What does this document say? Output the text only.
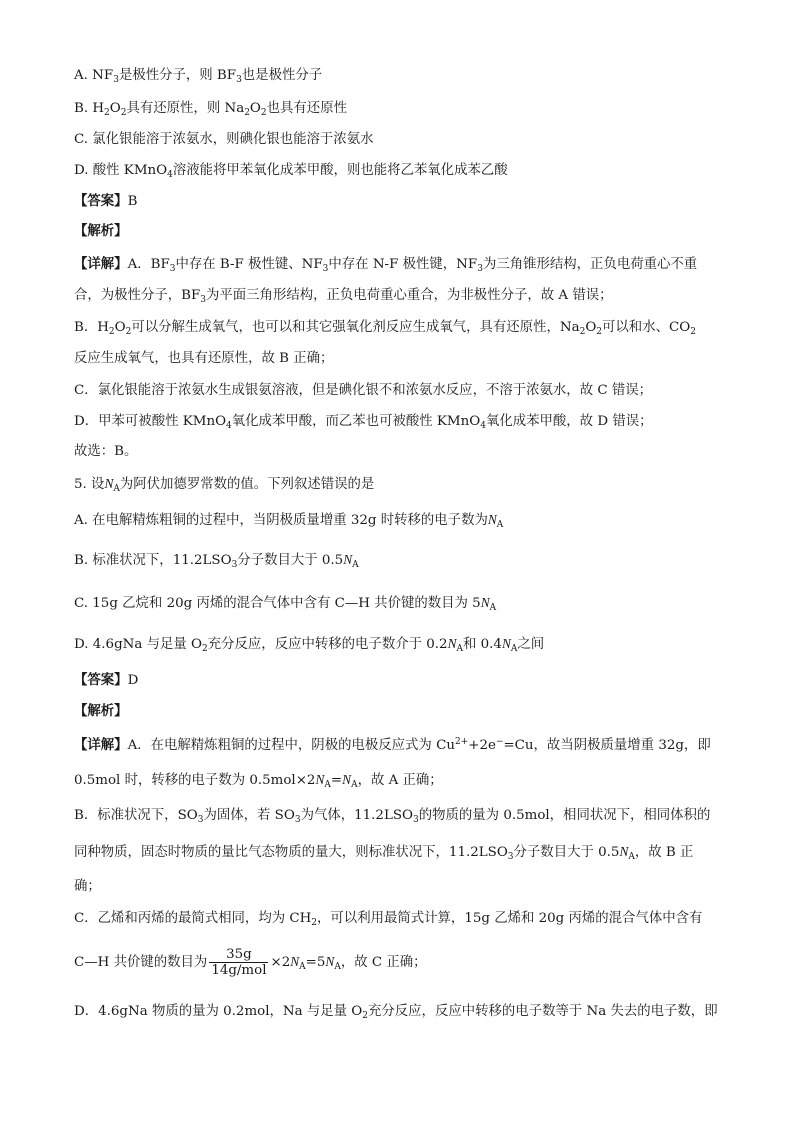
A. $NF_3$是极性分子，则 $BF_3$也是极性分子
B. $H_2O_2$具有还原性，则 $Na_2O_2$也具有还原性
C. 氯化银能溶于浓氨水，则碘化银也能溶于浓氨水
D. 酸性 KMnO$_4$溶液能将甲苯氧化成苯甲酸，则也能将乙苯氧化成苯乙酸
【答案】B
【解析】
【详解】A．$BF_3$中存在 B-F 极性键、$NF_3$中存在 N-F 极性键，$NF_3$为三角锥形结构，正负电荷重心不重
合，为极性分子，$BF_3$为平面三角形结构，正负电荷重心重合，为非极性分子，故 A 错误；
B．$H_2O_2$可以分解生成氧气，也可以和其它强氧化剂反应生成氧气，具有还原性，$Na_2O_2$可以和水、$CO_2$
反应生成氧气，也具有还原性，故 B 正确；
C．氯化银能溶于浓氨水生成银氨溶液，但是碘化银不和浓氨水反应，不溶于浓氨水，故 C 错误；
D．甲苯可被酸性 KMnO$_4$氧化成苯甲酸，而乙苯也可被酸性 KMnO$_4$氧化成苯甲酸，故 D 错误；
故选：B。
5. 设$N_A$为阿伏加德罗常数的值。下列叙述错误的是
A. 在电解精炼粗铜的过程中，当阴极质量增重 32g 时转移的电子数为$N_A$
B. 标准状况下，$11.2LSO_3$分子数目大于 $0.5N_A$
C. 15g 乙烷和 20g 丙烯的混合气体中含有 C—H 共价键的数目为 $5N_A$
D. 4.6gNa 与足量 $O_2$充分反应，反应中转移的电子数介于 $0.2N_A$和 $0.4N_A$之间
【答案】D
【解析】
【详解】A．在电解精炼粗铜的过程中，阴极的电极反应式为 $Cu^{2+}+2e^-=Cu$，故当阴极质量增重 32g，即
0.5mol 时，转移的电子数为 $0.5mol\times 2N_A=N_A$，故 A 正确；
B．标准状况下，$SO_3$为固体，若 $SO_3$为气体，$11.2LSO_3$的物质的量为 0.5mol，相同状况下，相同体积的
同种物质，固态时物质的量比气态物质的量大，则标准状况下，$11.2LSO_3$分子数目大于 $0.5N_A$，故 B 正
确；
C．乙烯和丙烯的最简式相同，均为 $CH_2$，可以利用最简式计算，15g 乙烯和 20g 丙烯的混合气体中含有
C—H 共价键的数目为 $\frac{35g}{\text{14g/mol}} \times 2N_A=5N_A$，故 C 正确；
D．4.6gNa 物质的量为 0.2mol，Na 与足量 $O_2$充分反应，反应中转移的电子数等于 Na 失去的电子数，即
